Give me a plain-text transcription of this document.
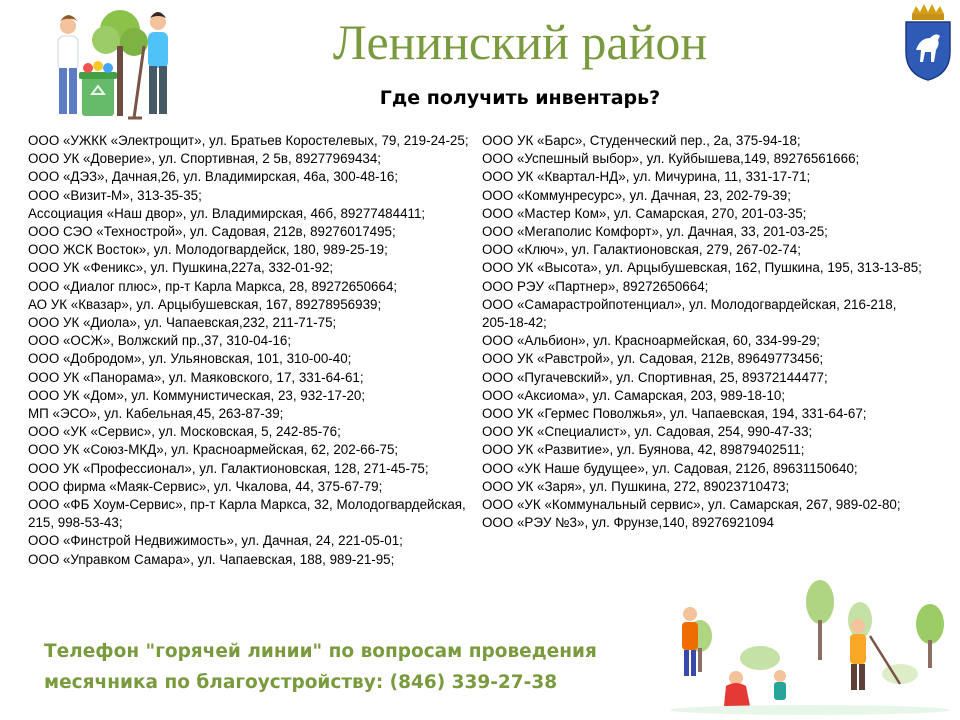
Ленинский район

Где получить инвентарь?

ООО «УЖКК «Электрощит», ул. Братьев Коростелевых, 79, 219-24-25;

ООО УК «Доверие», ул. Спортивная, 2 5в, 89277969434;

ООО «ДЭЗ», Дачная,26, ул. Владимирская, 46а, 300-48-16;

ООО «Визит-М», 313-35-35;

Ассоциация «Наш двор», ул. Владимирская, 46б, 89277484411;

ООО СЭО «Технострой», ул. Садовая, 212в, 89276017495;

ООО ЖСК Восток», ул. Молодогвардейск, 180, 989-25-19;

ООО УК «Феникс», ул. Пушкина,227а, 332-01-92;

ООО «Диалог плюс», пр-т Карла Маркса, 28, 89272650664;

АО УК «Квазар», ул. Арцыбушевская, 167, 89278956939;

ООО УК «Диола», ул. Чапаевская,232, 211-71-75;

ООО «ОСЖ», Волжский пр.,37, 310-04-16;

ООО «Добродом», ул. Ульяновская, 101, 310-00-40;

ООО УК «Панорама», ул. Маяковского, 17, 331-64-61;

ООО УК «Дом», ул. Коммунистическая, 23, 932-17-20;

МП «ЭСО», ул. Кабельная,45, 263-87-39;

ООО «УК «Сервис», ул. Московская, 5, 242-85-76;

ООО УК «Союз-МКД», ул. Красноармейская, 62, 202-66-75;

ООО УК «Профессионал», ул. Галактионовская, 128, 271-45-75;

ООО фирма «Маяк-Сервис», ул. Чкалова, 44, 375-67-79;

ООО «ФБ Хоум-Сервис», пр-т Карла Маркса, 32, Молодогвардейская, 215, 998-53-43;

ООО «Финстрой Недвижимость», ул. Дачная, 24, 221-05-01;

ООО «Управком Самара», ул. Чапаевская, 188, 989-21-95;

ООО УК «Барс», Студенческий пер., 2а, 375-94-18;

ООО «Успешный выбор», ул. Куйбышева,149, 89276561666;

ООО УК «Квартал-НД», ул. Мичурина, 11, 331-17-71;

ООО «Коммунресурс», ул. Дачная, 23, 202-79-39;

ООО «Мастер Ком», ул. Самарская, 270, 201-03-35;

ООО «Мегаполис Комфорт», ул. Дачная, 33, 201-03-25;

ООО «Ключ», ул. Галактионовская, 279, 267-02-74;

ООО УК «Высота», ул. Арцыбушевская, 162, Пушкина, 195, 313-13-85;

ООО РЭУ «Партнер», 89272650664;

ООО «Самарастройпотенциал», ул. Молодогвардейская, 216-218, 205-18-42;

ООО «Альбион», ул. Красноармейская, 60, 334-99-29;

ООО УК «Равстрой», ул. Садовая, 212в, 89649773456;

ООО «Пугачевский», ул. Спортивная, 25, 89372144477;

ООО «Аксиома», ул. Самарская, 203, 989-18-10;

ООО УК «Гермес Поволжья», ул. Чапаевская, 194, 331-64-67;

ООО УК «Специалист», ул. Садовая, 254, 990-47-33;

ООО УК «Развитие», ул. Буянова, 42, 89879402511;

ООО «УК Наше будущее», ул. Садовая, 212б, 89631150640;

ООО УК «Заря», ул. Пушкина, 272, 89023710473;

ООО «УК «Коммунальный сервис», ул. Самарская, 267, 989-02-80;

ООО «РЭУ №3», ул. Фрунзе,140, 89276921094

Телефон "горячей линии" по вопросам проведения месячника по благоустройству: (846) 339-27-38
